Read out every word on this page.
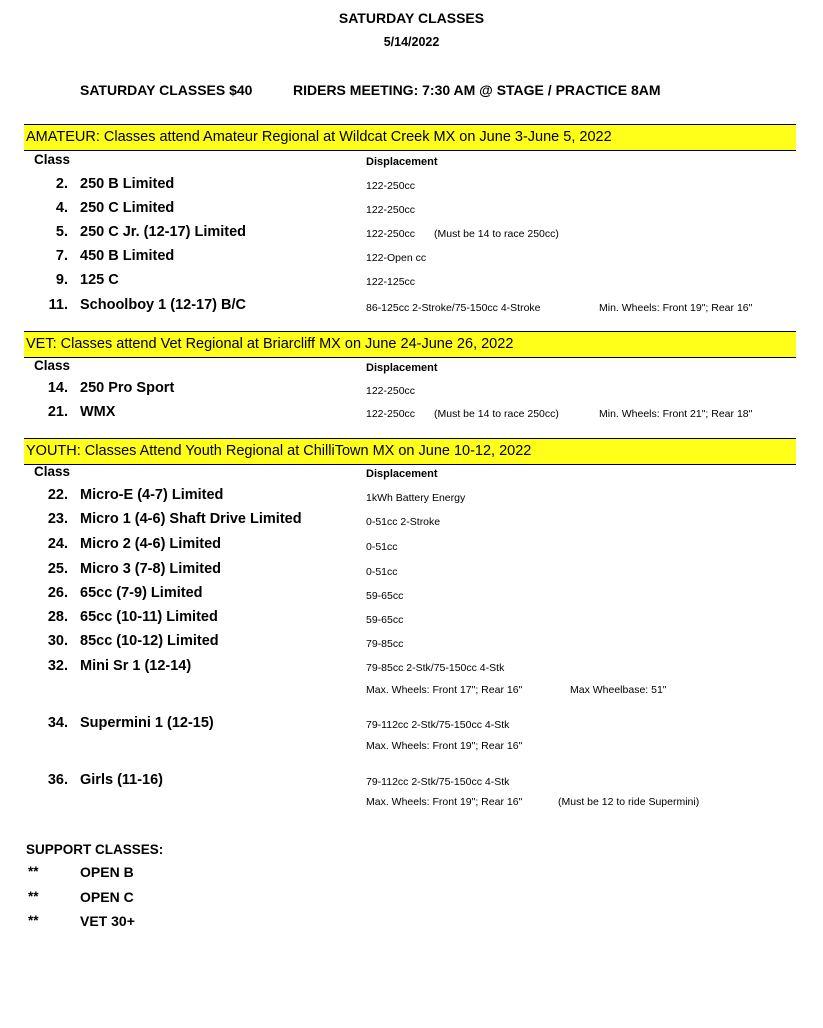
SATURDAY CLASSES
5/14/2022
SATURDAY CLASSES $40	RIDERS MEETING: 7:30 AM @ STAGE / PRACTICE 8AM
AMATEUR: Classes attend Amateur Regional at Wildcat Creek MX on June 3-June 5, 2022
Class	Displacement
2. 250 B Limited	122-250cc
4. 250 C Limited	122-250cc
5. 250 C Jr. (12-17) Limited	122-250cc (Must be 14 to race 250cc)
7. 450 B Limited	122-Open cc
9. 125 C	122-125cc
11. Schoolboy 1 (12-17) B/C	86-125cc 2-Stroke/75-150cc 4-Stroke	Min. Wheels: Front 19"; Rear 16"
VET: Classes attend Vet Regional at Briarcliff MX on June 24-June 26, 2022
Class	Displacement
14. 250 Pro Sport	122-250cc
21. WMX	122-250cc (Must be 14 to race 250cc)	Min. Wheels: Front 21"; Rear 18"
YOUTH: Classes Attend Youth Regional at ChilliTown MX on June 10-12, 2022
Class	Displacement
22. Micro-E (4-7) Limited	1kWh Battery Energy
23. Micro 1 (4-6) Shaft Drive Limited	0-51cc 2-Stroke
24. Micro 2 (4-6) Limited	0-51cc
25. Micro 3 (7-8) Limited	0-51cc
26. 65cc (7-9) Limited	59-65cc
28. 65cc (10-11) Limited	59-65cc
30. 85cc (10-12) Limited	79-85cc
32. Mini Sr 1 (12-14)	79-85cc 2-Stk/75-150cc 4-Stk
Max. Wheels: Front 17"; Rear 16"	Max Wheelbase: 51"
34. Supermini 1 (12-15)	79-112cc 2-Stk/75-150cc 4-Stk
Max. Wheels: Front 19"; Rear 16"
36. Girls (11-16)	79-112cc 2-Stk/75-150cc 4-Stk
Max. Wheels: Front 19"; Rear 16"	(Must be 12 to ride Supermini)
SUPPORT CLASSES:
**	OPEN B
**	OPEN C
**	VET 30+
